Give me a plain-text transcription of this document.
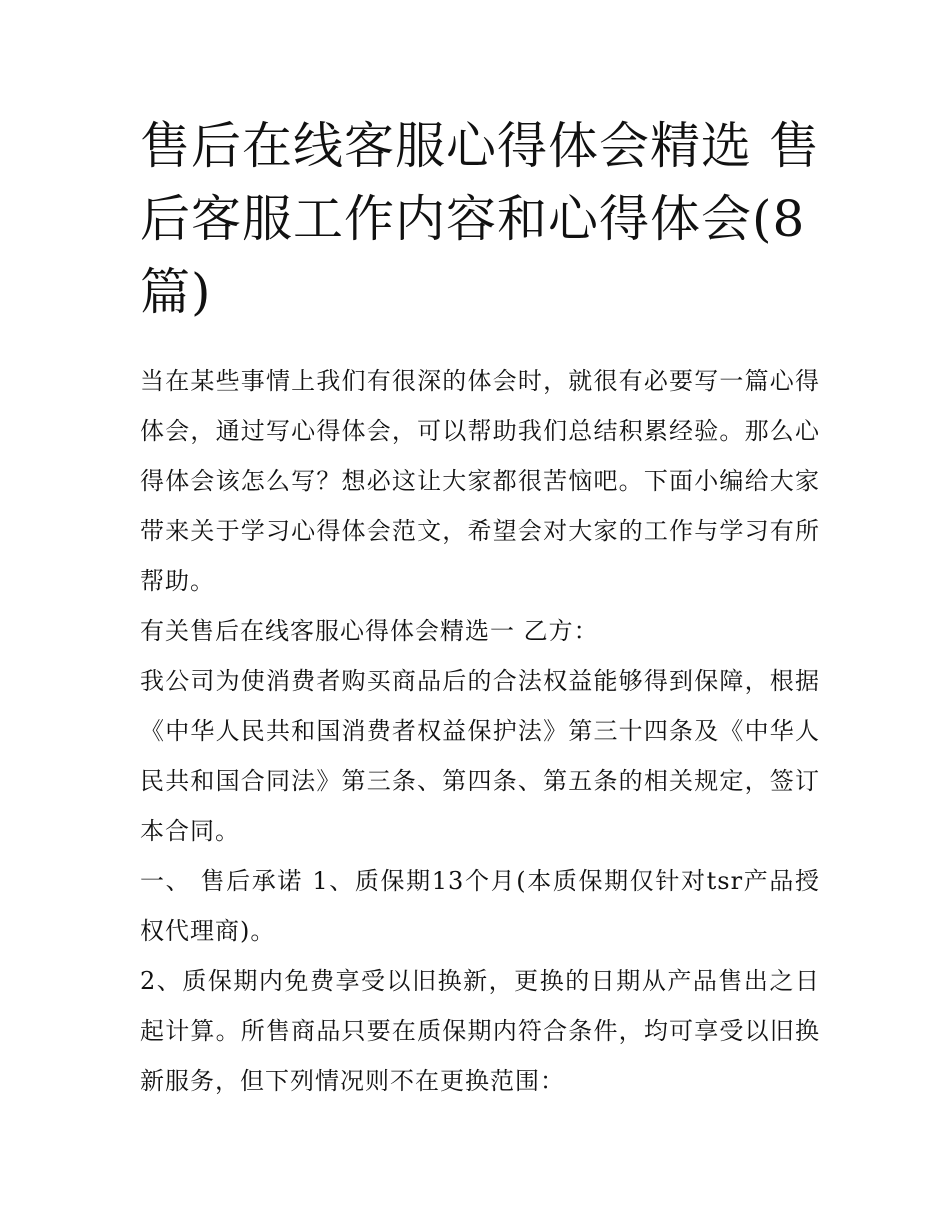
售后在线客服心得体会精选 售后客服工作内容和心得体会(8篇)

当在某些事情上我们有很深的体会时，就很有必要写一篇心得体会，通过写心得体会，可以帮助我们总结积累经验。那么心得体会该怎么写？想必这让大家都很苦恼吧。下面小编给大家带来关于学习心得体会范文，希望会对大家的工作与学习有所帮助。

有关售后在线客服心得体会精选一 乙方：

我公司为使消费者购买商品后的合法权益能够得到保障，根据《中华人民共和国消费者权益保护法》第三十四条及《中华人民共和国合同法》第三条、第四条、第五条的相关规定，签订本合同。

一、 售后承诺 1、质保期13个月(本质保期仅针对tsr产品授权代理商)。

2、质保期内免费享受以旧换新，更换的日期从产品售出之日起计算。所售商品只要在质保期内符合条件，均可享受以旧换新服务，但下列情况则不在更换范围：
